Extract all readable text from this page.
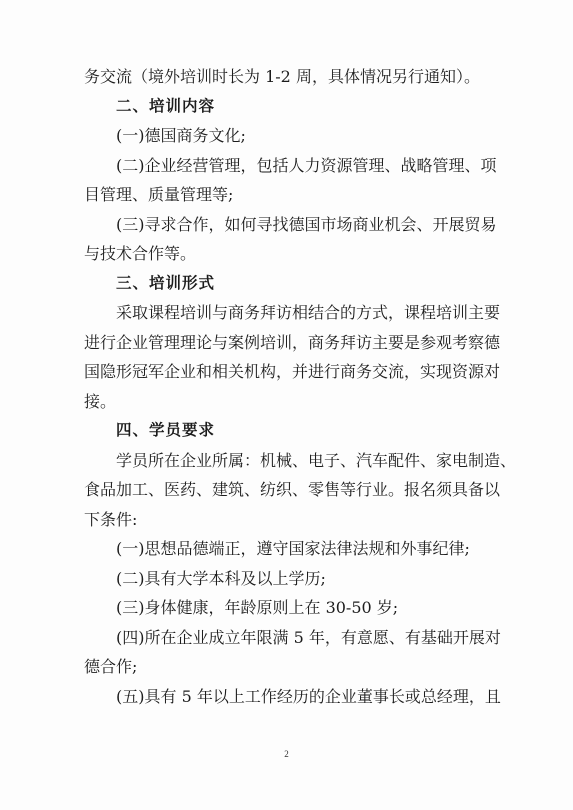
务交流（境外培训时长为 1-2 周，具体情况另行通知）。
二、培训内容
(一)德国商务文化;
(二)企业经营管理，包括人力资源管理、战略管理、项
目管理、质量管理等;
(三)寻求合作，如何寻找德国市场商业机会、开展贸易
与技术合作等。
三、培训形式
采取课程培训与商务拜访相结合的方式，课程培训主要
进行企业管理理论与案例培训，商务拜访主要是参观考察德
国隐形冠军企业和相关机构，并进行商务交流，实现资源对
接。
四、学员要求
学员所在企业所属：机械、电子、汽车配件、家电制造、
食品加工、医药、建筑、纺织、零售等行业。报名须具备以
下条件:
(一)思想品德端正，遵守国家法律法规和外事纪律;
(二)具有大学本科及以上学历;
(三)身体健康，年龄原则上在 30-50 岁;
(四)所在企业成立年限满 5 年，有意愿、有基础开展对
德合作;
(五)具有 5 年以上工作经历的企业董事长或总经理，且
2
